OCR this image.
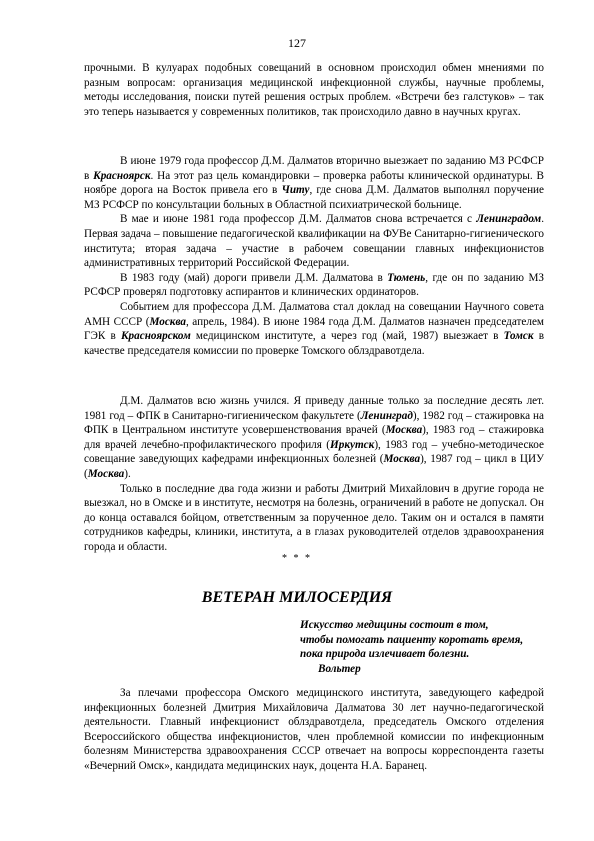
127

прочными. В кулуарах подобных совещаний в основном происходил обмен мнениями по разным вопросам: организация медицинской инфекционной службы, научные проблемы, методы исследования, поиски путей решения острых проблем. «Встречи без галстуков» – так это теперь называется у современных политиков, так происходило давно в научных кругах.

В июне 1979 года профессор Д.М. Далматов вторично выезжает по заданию МЗ РСФСР в Красноярск. На этот раз цель командировки – проверка работы клинической ординатуры. В ноябре дорога на Восток привела его в Читу, где снова Д.М. Далматов выполнял поручение МЗ РСФСР по консультации больных в Областной психиатрической больнице.

В мае и июне 1981 года профессор Д.М. Далматов снова встречается с Ленинградом. Первая задача – повышение педагогической квалификации на ФУВе Санитарно-гигиенического института; вторая задача – участие в рабочем совещании главных инфекционистов административных территорий Российской Федерации.

В 1983 году (май) дороги привели Д.М. Далматова в Тюмень, где он по заданию МЗ РСФСР проверял подготовку аспирантов и клинических ординаторов.

Событием для профессора Д.М. Далматова стал доклад на совещании Научного совета АМН СССР (Москва, апрель, 1984). В июне 1984 года Д.М. Далматов назначен председателем ГЭК в Красноярском медицинском институте, а через год (май, 1987) выезжает в Томск в качестве председателя комиссии по проверке Томского облздравотдела.

Д.М. Далматов всю жизнь учился. Я приведу данные только за последние десять лет. 1981 год – ФПК в Санитарно-гигиеническом факультете (Ленинград), 1982 год – стажировка на ФПК в Центральном институте усовершенствования врачей (Москва), 1983 год – стажировка для врачей лечебно-профилактического профиля (Иркутск), 1983 год – учебно-методическое совещание заведующих кафедрами инфекционных болезней (Москва), 1987 год – цикл в ЦИУ (Москва).

Только в последние два года жизни и работы Дмитрий Михайлович в другие города не выезжал, но в Омске и в институте, несмотря на болезнь, ограничений в работе не допускал. Он до конца оставался бойцом, ответственным за порученное дело. Таким он и остался в памяти сотрудников кафедры, клиники, института, а в глазах руководителей отделов здравоохранения города и области.

За плечами профессора Омского медицинского института, заведующего кафедрой инфекционных болезней Дмитрия Михайловича Далматова 30 лет научно-педагогической деятельности. Главный инфекционист облздравотдела, председатель Омского отделения Всероссийского общества инфекционистов, член проблемной комиссии по инфекционным болезням Министерства здравоохранения СССР отвечает на вопросы корреспондента газеты «Вечерний Омск», кандидата медицинских наук, доцента Н.А. Баранец.

* * *
ВЕТЕРАН МИЛОСЕРДИЯ
Искусство медицины состоит в том,
чтобы помогать пациенту коротать время,
пока природа излечивает болезни.
Вольтер
